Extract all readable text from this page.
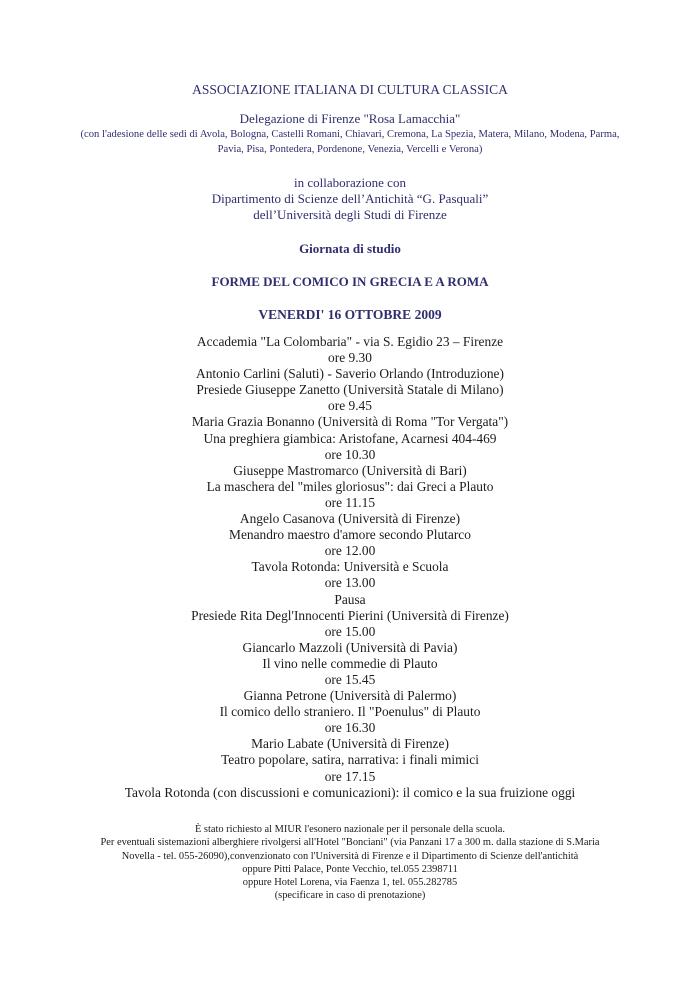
ASSOCIAZIONE ITALIANA DI CULTURA CLASSICA
Delegazione di Firenze "Rosa Lamacchia"
(con l'adesione delle sedi di Avola, Bologna, Castelli Romani, Chiavari, Cremona, La Spezia, Matera, Milano, Modena, Parma, Pavia, Pisa, Pontedera, Pordenone, Venezia, Vercelli e Verona)
in collaborazione con
Dipartimento di Scienze dell’Antichità “G. Pasquali”
dell’Università degli Studi di Firenze
Giornata di studio
FORME DEL COMICO IN GRECIA E A ROMA
VENERDI' 16 OTTOBRE 2009
Accademia "La Colombaria" - via S. Egidio 23 – Firenze
ore 9.30
Antonio Carlini (Saluti) - Saverio Orlando (Introduzione)
Presiede Giuseppe Zanetto (Università Statale di Milano)
ore 9.45
Maria Grazia Bonanno (Università di Roma "Tor Vergata")
Una preghiera giambica: Aristofane, Acarnesi 404-469
ore 10.30
Giuseppe Mastromarco (Università di Bari)
La maschera del "miles gloriosus": dai Greci a Plauto
ore 11.15
Angelo Casanova (Università di Firenze)
Menandro maestro d'amore secondo Plutarco
ore 12.00
Tavola Rotonda: Università e Scuola
ore 13.00
Pausa
Presiede Rita Degl'Innocenti Pierini (Università di Firenze)
ore 15.00
Giancarlo Mazzoli (Università di Pavia)
Il vino nelle commedie di Plauto
ore 15.45
Gianna Petrone (Università di Palermo)
Il comico dello straniero. Il "Poenulus" di Plauto
ore 16.30
Mario Labate (Università di Firenze)
Teatro popolare, satira, narrativa: i finali mimici
ore 17.15
Tavola Rotonda (con discussioni e comunicazioni): il comico e la sua fruizione oggi
È stato richiesto al MIUR l'esonero nazionale per il personale della scuola.
Per eventuali sistemazioni alberghiere rivolgersi all'Hotel "Bonciani" (via Panzani 17 a 300 m. dalla stazione di S.Maria
Novella - tel. 055-26090),convenzionato con l'Università di Firenze e il Dipartimento di Scienze dell'antichità
oppure Pitti Palace, Ponte Vecchio, tel.055 2398711
oppure Hotel Lorena, via Faenza 1, tel. 055.282785
(specificare in caso di prenotazione)
